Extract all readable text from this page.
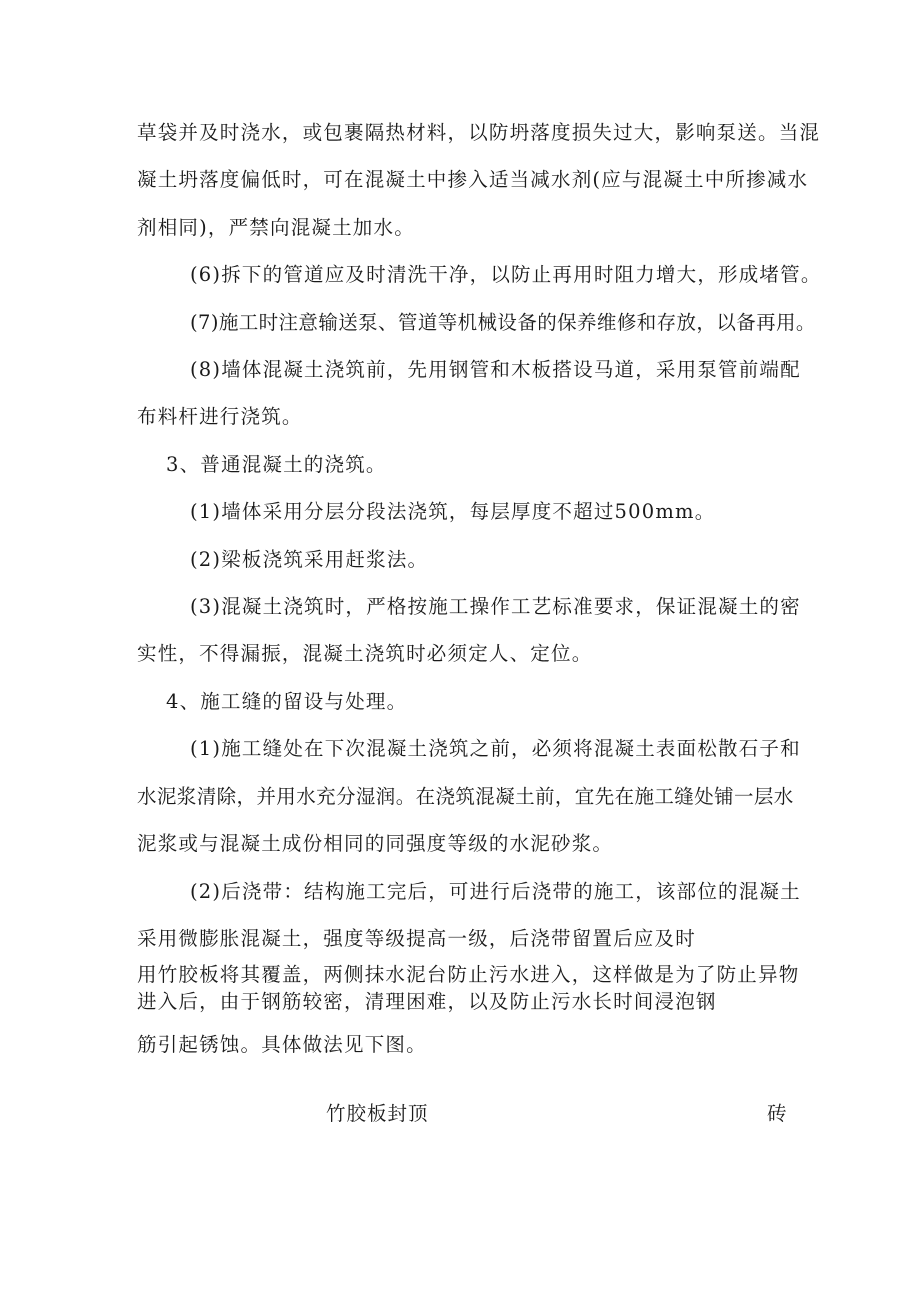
草袋并及时浇水，或包裹隔热材料，以防坍落度损失过大，影响泵送。当混
凝土坍落度偏低时，可在混凝土中掺入适当减水剂(应与混凝土中所掺减水
剂相同)，严禁向混凝土加水。
(6)拆下的管道应及时清洗干净，以防止再用时阻力增大，形成堵管。
(7)施工时注意输送泵、管道等机械设备的保养维修和存放，以备再用。
(8)墙体混凝土浇筑前，先用钢管和木板搭设马道，采用泵管前端配
布料杆进行浇筑。
3、普通混凝土的浇筑。
(1)墙体采用分层分段法浇筑，每层厚度不超过500mm。
(2)梁板浇筑采用赶浆法。
(3)混凝土浇筑时，严格按施工操作工艺标准要求，保证混凝土的密
实性，不得漏振，混凝土浇筑时必须定人、定位。
4、施工缝的留设与处理。
(1)施工缝处在下次混凝土浇筑之前，必须将混凝土表面松散石子和
水泥浆清除，并用水充分湿润。在浇筑混凝土前，宜先在施工缝处铺一层水
泥浆或与混凝土成份相同的同强度等级的水泥砂浆。
(2)后浇带：结构施工完后，可进行后浇带的施工，该部位的混凝土
采用微膨胀混凝土，强度等级提高一级，后浇带留置后应及时
用竹胶板将其覆盖，两侧抹水泥台防止污水进入，这样做是为了防止异物
进入后，由于钢筋较密，清理困难，以及防止污水长时间浸泡钢
筋引起锈蚀。具体做法见下图。
竹胶板封顶	砖
